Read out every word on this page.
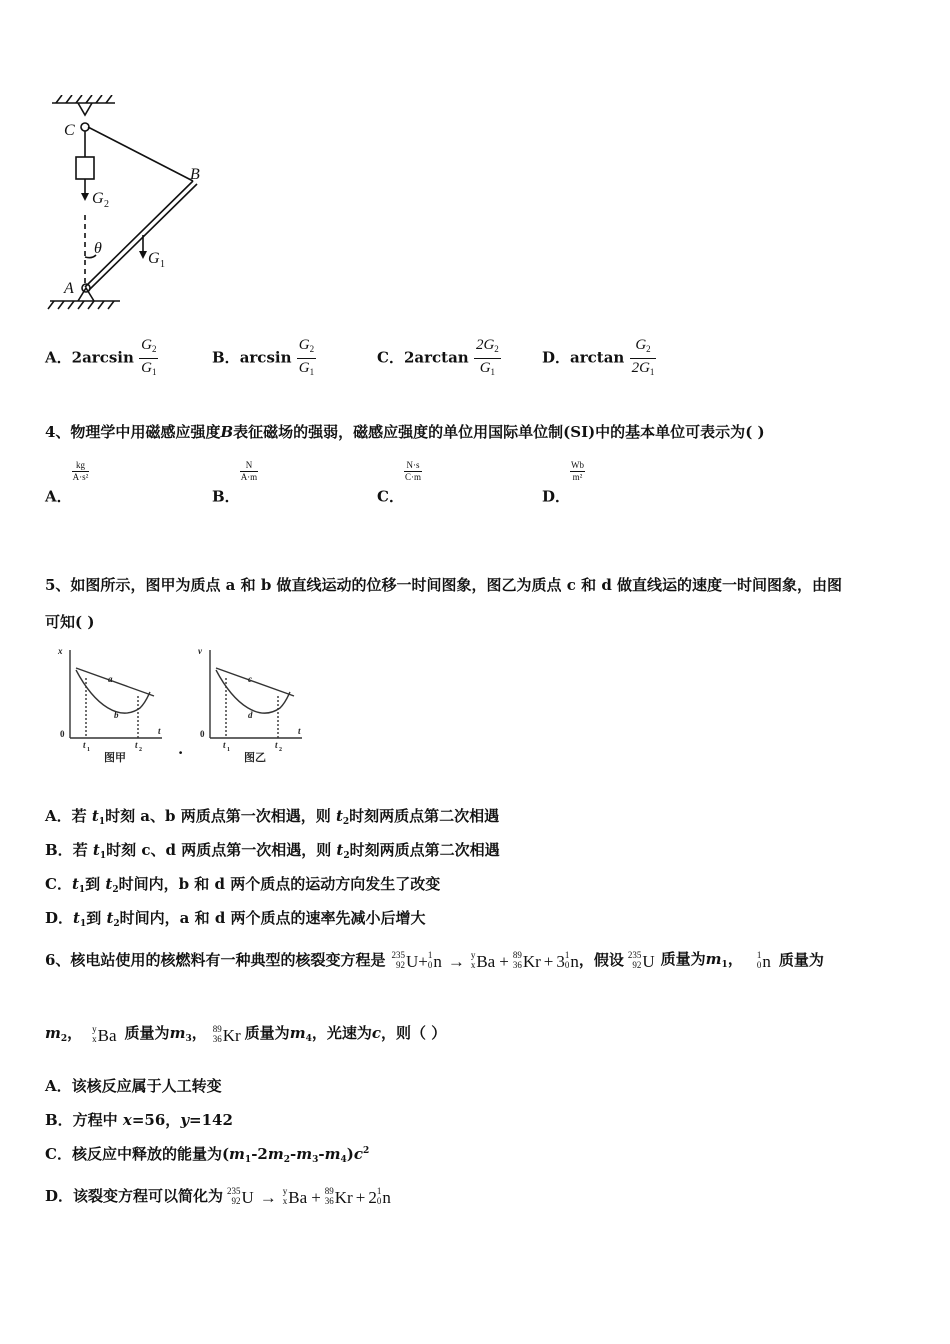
C
B
A
G 2
G 1
θ
A．$2\arcsin \frac{G_2}{G_1}$	B．$\arcsin \frac{G_2}{G_1}$	C．$2\arctan \frac{2G_2}{G_1}$	D．$\arctan \frac{G_2}{2G_1}$
4、物理学中用磁感应强度B表征磁场的强弱，磁感应强度的单位用国际单位制(SI)中的基本单位可表示为( )
A．
$\frac{kg}{\text{A·s²}}$
B．
$\frac{N}{A\cdot m}$
C．
$\frac{N\cdot s}{C\cdot m}$
D．
$\frac{Wb}{\text{m²}}$
5、如图所示，图甲为质点 a 和 b 做直线运动的位移一时间图象，图乙为质点 c 和 d 做直线运的速度一时间图象，由图
可知( )
x
0	t
t 1	t 2
a
b
图甲	·
v
0	t
t 1	t 2
c
d
图乙
A．若 $t_1$时刻 a、b 两质点第一次相遇，则 $t_2$时刻两质点第二次相遇
B．若 $t_1$时刻 c、d 两质点第一次相遇，则 $t_2$时刻两质点第二次相遇
C．$t_1$到 $t_2$时间内，b 和 d 两个质点的运动方向发生了改变
D．$t_1$到 $t_2$时间内，a 和 d 两个质点的速率先减小后增大
6、核电站使用的核燃料有一种典型的核裂变方程是 235
92 U + 1
0 n → y
x Ba + 89
36 Kr + 3 1
0 n ，假设 235
92 U 质量为$m_1$， 1
0 n 质量为
$m_2$， y
x Ba 质量为$m_3$， 89
36 Kr 质量为$m_4$，光速为c，则（ ）
A．该核反应属于人工转变
B．方程中 x=56，y=142
C．核反应中释放的能量为$(m_1-2m_2-m_3-m_4)c^2$
D．该裂变方程可以简化为 235
92 U → y
x Ba + 89
36 Kr + 2 1
0 n
